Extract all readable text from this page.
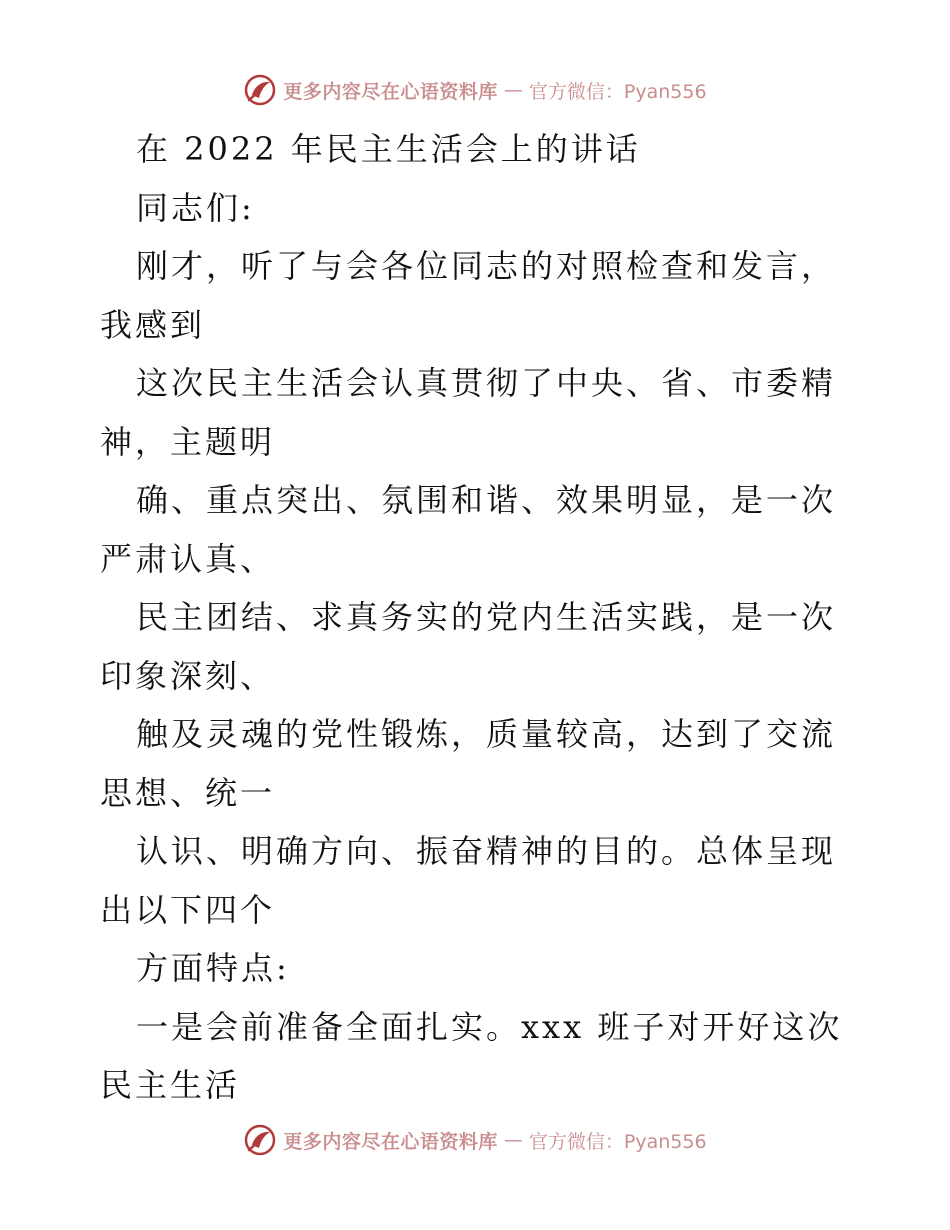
更多内容尽在心语资料库 — 官方微信：Pyan556

在 2022 年民主生活会上的讲话

同志们:

刚才，听了与会各位同志的对照检查和发言，我感到

这次民主生活会认真贯彻了中央、省、市委精神，主题明

确、重点突出、氛围和谐、效果明显，是一次严肃认真、

民主团结、求真务实的党内生活实践，是一次印象深刻、

触及灵魂的党性锻炼，质量较高，达到了交流思想、统一

认识、明确方向、振奋精神的目的。总体呈现出以下四个

方面特点:

一是会前准备全面扎实。xxx 班子对开好这次民主生活

更多内容尽在心语资料库 — 官方微信：Pyan556
